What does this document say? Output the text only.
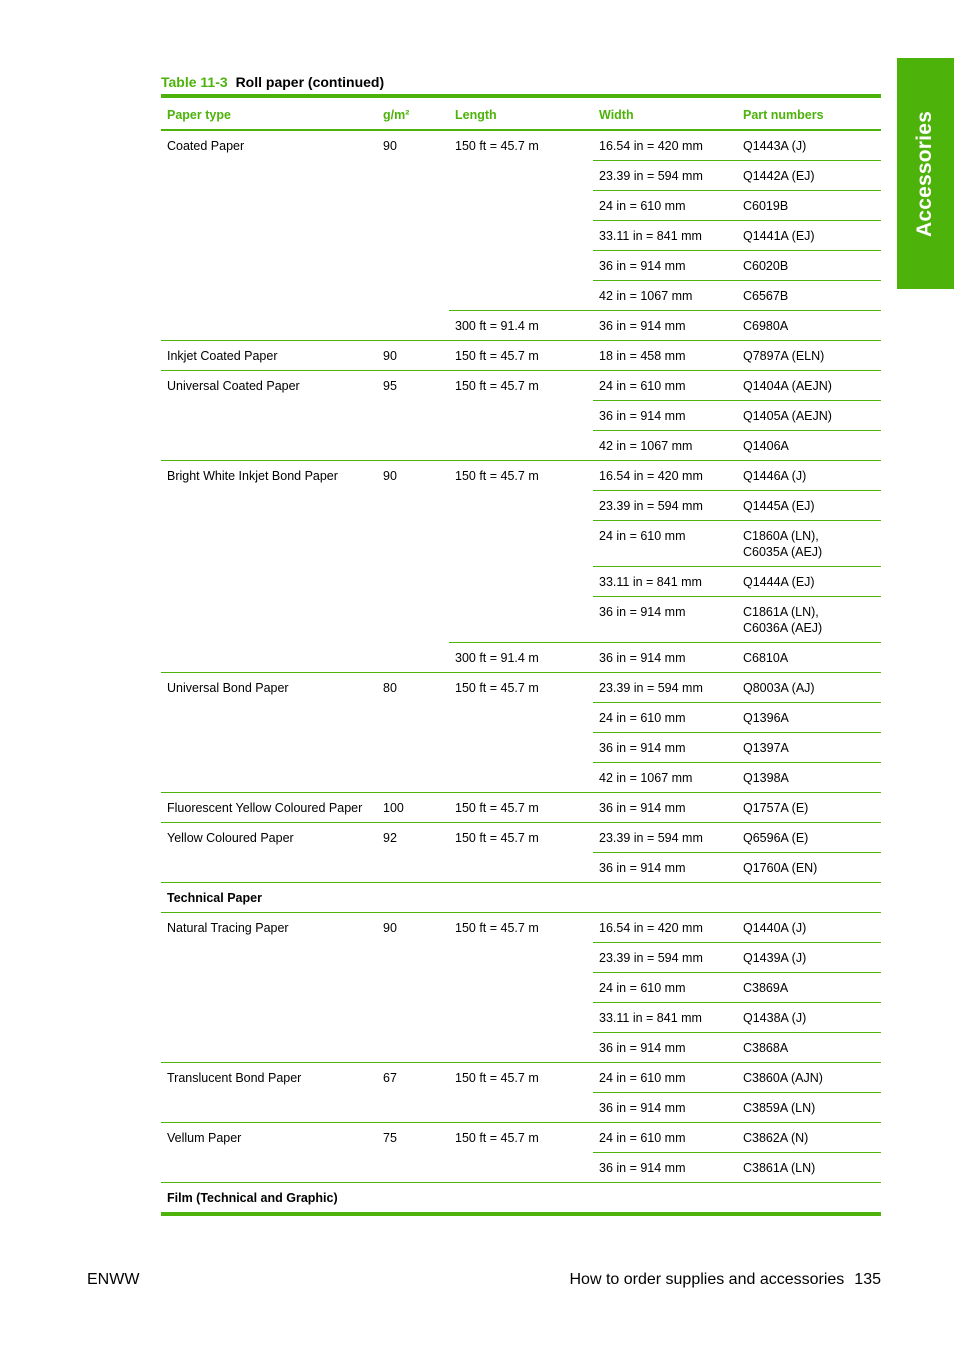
Accessories
Table 11-3 Roll paper (continued)
Paper type	g/m²	Length	Width	Part numbers
Coated Paper	90	150 ft = 45.7 m	16.54 in = 420 mm	Q1443A (J)

			23.39 in = 594 mm	Q1442A (EJ)

			24 in = 610 mm	C6019B

			33.11 in = 841 mm	Q1441A (EJ)

			36 in = 914 mm	C6020B

			42 in = 1067 mm	C6567B

		300 ft = 91.4 m	36 in = 914 mm	C6980A

Inkjet Coated Paper	90	150 ft = 45.7 m	18 in = 458 mm	Q7897A (ELN)

Universal Coated Paper	95	150 ft = 45.7 m	24 in = 610 mm	Q1404A (AEJN)

			36 in = 914 mm	Q1405A (AEJN)

			42 in = 1067 mm	Q1406A

Bright White Inkjet Bond Paper	90	150 ft = 45.7 m	16.54 in = 420 mm	Q1446A (J)

			23.39 in = 594 mm	Q1445A (EJ)

			24 in = 610 mm	C1860A (LN),
C6035A (AEJ)

			33.11 in = 841 mm	Q1444A (EJ)

			36 in = 914 mm	C1861A (LN),
C6036A (AEJ)

		300 ft = 91.4 m	36 in = 914 mm	C6810A

Universal Bond Paper	80	150 ft = 45.7 m	23.39 in = 594 mm	Q8003A (AJ)

			24 in = 610 mm	Q1396A

			36 in = 914 mm	Q1397A

			42 in = 1067 mm	Q1398A

Fluorescent Yellow Coloured Paper	100	150 ft = 45.7 m	36 in = 914 mm	Q1757A (E)

Yellow Coloured Paper	92	150 ft = 45.7 m	23.39 in = 594 mm	Q6596A (E)

			36 in = 914 mm	Q1760A (EN)

Technical Paper				
Natural Tracing Paper	90	150 ft = 45.7 m	16.54 in = 420 mm	Q1440A (J)

			23.39 in = 594 mm	Q1439A (J)

			24 in = 610 mm	C3869A

			33.11 in = 841 mm	Q1438A (J)

			36 in = 914 mm	C3868A

Translucent Bond Paper	67	150 ft = 45.7 m	24 in = 610 mm	C3860A (AJN)

			36 in = 914 mm	C3859A (LN)

Vellum Paper	75	150 ft = 45.7 m	24 in = 610 mm	C3862A (N)

			36 in = 914 mm	C3861A (LN)

Film (Technical and Graphic)				
ENWW	How to order supplies and accessories 135
